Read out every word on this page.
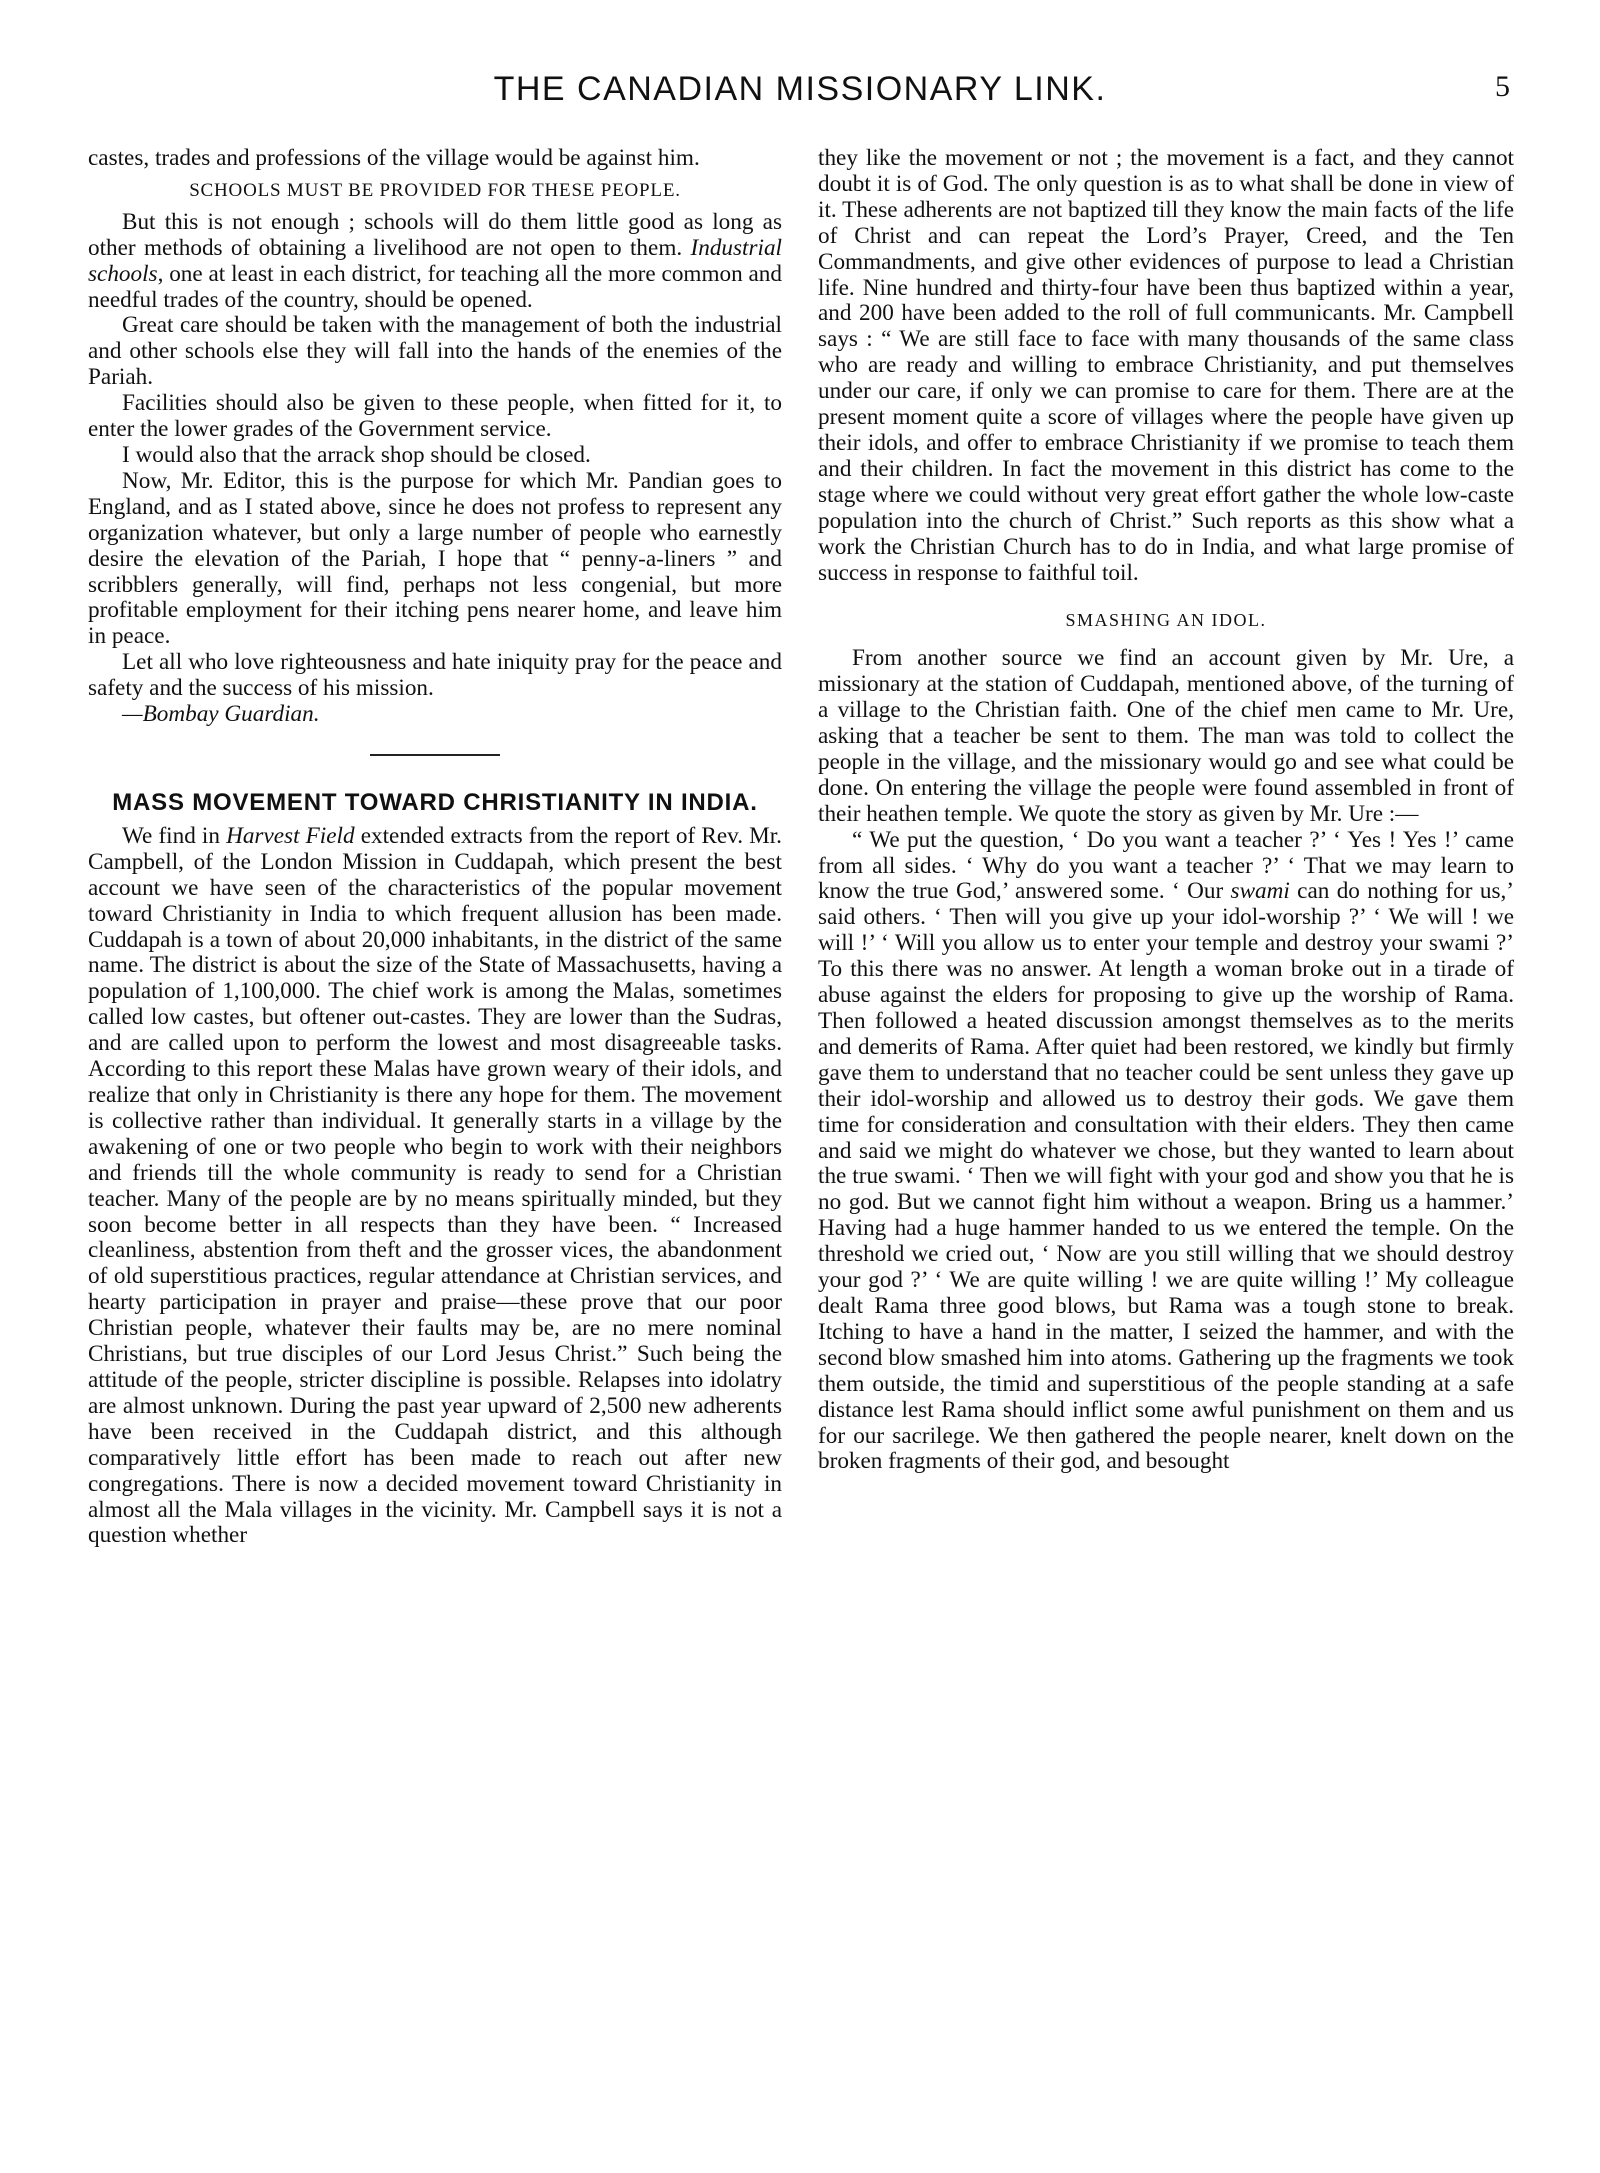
THE CANADIAN MISSIONARY LINK.	5

castes, trades and professions of the village would be against him.

SCHOOLS MUST BE PROVIDED FOR THESE PEOPLE.

But this is not enough ; schools will do them little good as long as other methods of obtaining a livelihood are not open to them. Industrial schools, one at least in each district, for teaching all the more common and needful trades of the country, should be opened.

Great care should be taken with the management of both the industrial and other schools else they will fall into the hands of the enemies of the Pariah.

Facilities should also be given to these people, when fitted for it, to enter the lower grades of the Government service.

I would also that the arrack shop should be closed.

Now, Mr. Editor, this is the purpose for which Mr. Pandian goes to England, and as I stated above, since he does not profess to represent any organization whatever, but only a large number of people who earnestly desire the elevation of the Pariah, I hope that “ penny-a-liners ” and scribblers generally, will find, perhaps not less congenial, but more profitable employment for their itching pens nearer home, and leave him in peace.

Let all who love righteousness and hate iniquity pray for the peace and safety and the success of his mission.

—Bombay Guardian.

MASS MOVEMENT TOWARD CHRISTIANITY IN INDIA.

We find in Harvest Field extended extracts from the report of Rev. Mr. Campbell, of the London Mission in Cuddapah, which present the best account we have seen of the characteristics of the popular movement toward Christianity in India to which frequent allusion has been made. Cuddapah is a town of about 20,000 inhabitants, in the district of the same name. The district is about the size of the State of Massachusetts, having a population of 1,100,000. The chief work is among the Malas, sometimes called low castes, but oftener out-castes. They are lower than the Sudras, and are called upon to perform the lowest and most disagreeable tasks. According to this report these Malas have grown weary of their idols, and realize that only in Christianity is there any hope for them. The movement is collective rather than individual. It generally starts in a village by the awakening of one or two people who begin to work with their neighbors and friends till the whole community is ready to send for a Christian teacher. Many of the people are by no means spiritually minded, but they soon become better in all respects than they have been. “ Increased cleanliness, abstention from theft and the grosser vices, the abandonment of old superstitious practices, regular attendance at Christian services, and hearty participation in prayer and praise—these prove that our poor Christian people, whatever their faults may be, are no mere nominal Christians, but true disciples of our Lord Jesus Christ.” Such being the attitude of the people, stricter discipline is possible. Relapses into idolatry are almost unknown. During the past year upward of 2,500 new adherents have been received in the Cuddapah district, and this although comparatively little effort has been made to reach out after new congregations. There is now a decided movement toward Christianity in almost all the Mala villages in the vicinity. Mr. Campbell says it is not a question whether

they like the movement or not ; the movement is a fact, and they cannot doubt it is of God. The only question is as to what shall be done in view of it. These adherents are not baptized till they know the main facts of the life of Christ and can repeat the Lord’s Prayer, Creed, and the Ten Commandments, and give other evidences of purpose to lead a Christian life. Nine hundred and thirty-four have been thus baptized within a year, and 200 have been added to the roll of full communicants. Mr. Campbell says : “ We are still face to face with many thousands of the same class who are ready and willing to embrace Christianity, and put themselves under our care, if only we can promise to care for them. There are at the present moment quite a score of villages where the people have given up their idols, and offer to embrace Christianity if we promise to teach them and their children. In fact the movement in this district has come to the stage where we could without very great effort gather the whole low-caste population into the church of Christ.” Such reports as this show what a work the Christian Church has to do in India, and what large promise of success in response to faithful toil.

SMASHING AN IDOL.

From another source we find an account given by Mr. Ure, a missionary at the station of Cuddapah, mentioned above, of the turning of a village to the Christian faith. One of the chief men came to Mr. Ure, asking that a teacher be sent to them. The man was told to collect the people in the village, and the missionary would go and see what could be done. On entering the village the people were found assembled in front of their heathen temple. We quote the story as given by Mr. Ure :—

“ We put the question, ‘ Do you want a teacher ?’ ‘ Yes ! Yes !’ came from all sides. ‘ Why do you want a teacher ?’ ‘ That we may learn to know the true God,’ answered some. ‘ Our swami can do nothing for us,’ said others. ‘ Then will you give up your idol-worship ?’ ‘ We will ! we will !’ ‘ Will you allow us to enter your temple and destroy your swami ?’ To this there was no answer. At length a woman broke out in a tirade of abuse against the elders for proposing to give up the worship of Rama. Then followed a heated discussion amongst themselves as to the merits and demerits of Rama. After quiet had been restored, we kindly but firmly gave them to understand that no teacher could be sent unless they gave up their idol-worship and allowed us to destroy their gods. We gave them time for consideration and consultation with their elders. They then came and said we might do whatever we chose, but they wanted to learn about the true swami. ‘ Then we will fight with your god and show you that he is no god. But we cannot fight him without a weapon. Bring us a hammer.’ Having had a huge hammer handed to us we entered the temple. On the threshold we cried out, ‘ Now are you still willing that we should destroy your god ?’ ‘ We are quite willing ! we are quite willing !’ My colleague dealt Rama three good blows, but Rama was a tough stone to break. Itching to have a hand in the matter, I seized the hammer, and with the second blow smashed him into atoms. Gathering up the fragments we took them outside, the timid and superstitious of the people standing at a safe distance lest Rama should inflict some awful punishment on them and us for our sacrilege. We then gathered the people nearer, knelt down on the broken fragments of their god, and besought
